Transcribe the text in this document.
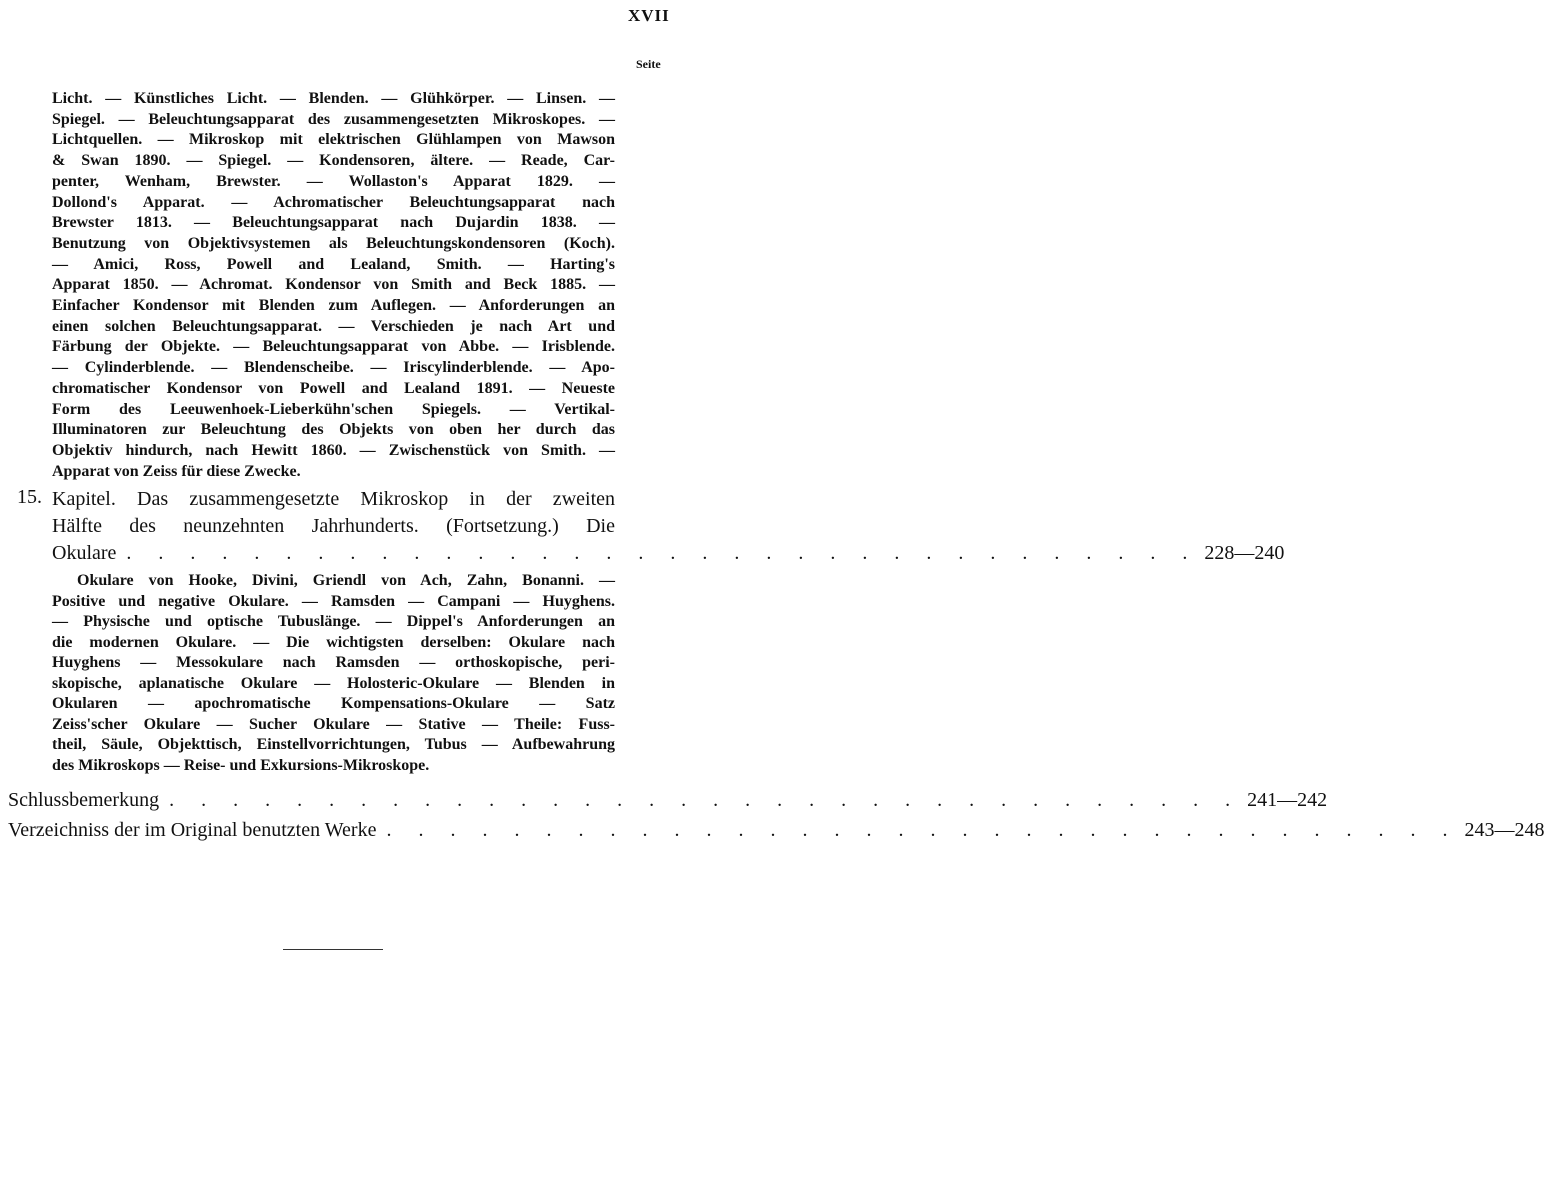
XVII
Seite
Licht. — Künstliches Licht. — Blenden. — Glühkörper. — Linsen. —
Spiegel. — Beleuchtungsapparat des zusammengesetzten Mikroskopes. —
Lichtquellen. — Mikroskop mit elektrischen Glühlampen von Mawson
& Swan 1890. — Spiegel. — Kondensoren, ältere. — Reade, Car-
penter, Wenham, Brewster. — Wollaston's Apparat 1829. —
Dollond's Apparat. — Achromatischer Beleuchtungsapparat nach
Brewster 1813. — Beleuchtungsapparat nach Dujardin 1838. —
Benutzung von Objektivsystemen als Beleuchtungskondensoren (Koch).
— Amici, Ross, Powell and Lealand, Smith. — Harting's
Apparat 1850. — Achromat. Kondensor von Smith and Beck 1885. —
Einfacher Kondensor mit Blenden zum Auflegen. — Anforderungen an
einen solchen Beleuchtungsapparat. — Verschieden je nach Art und
Färbung der Objekte. — Beleuchtungsapparat von Abbe. — Irisblende.
— Cylinderblende. — Blendenscheibe. — Iriscylinderblende. — Apo-
chromatischer Kondensor von Powell and Lealand 1891. — Neueste
Form des Leeuwenhoek-Lieberkühn'schen Spiegels. — Vertikal-
Illuminatoren zur Beleuchtung des Objekts von oben her durch das
Objektiv hindurch, nach Hewitt 1860. — Zwischenstück von Smith. —
Apparat von Zeiss für diese Zwecke.
15. Kapitel. Das zusammengesetzte Mikroskop in der zweiten
Hälfte des neunzehnten Jahrhunderts. (Fortsetzung.) Die
Okulare . . . . . . . . . . . . . . . . . . . . . . . . . . . . . . . . . . 228—240
Okulare von Hooke, Divini, Griendl von Ach, Zahn, Bonanni. —
Positive und negative Okulare. — Ramsden — Campani — Huyghens.
— Physische und optische Tubuslänge. — Dippel's Anforderungen an
die modernen Okulare. — Die wichtigsten derselben: Okulare nach
Huyghens — Messokulare nach Ramsden — orthoskopische, peri-
skopische, aplanatische Okulare — Holosteric-Okulare — Blenden in
Okularen — apochromatische Kompensations-Okulare — Satz
Zeiss'scher Okulare — Sucher Okulare — Stative — Theile: Fuss-
theil, Säule, Objekttisch, Einstellvorrichtungen, Tubus — Aufbewahrung
des Mikroskops — Reise- und Exkursions-Mikroskope.
Schlussbemerkung . . . . . . . . . . . . . . . . . . . . . . . . . . . . . . . . . . 241—242
Verzeichniss der im Original benutzten Werke . . . . . . . . . . . . . . . . . . . . . . . . . . . . . . . . . . 243—248
